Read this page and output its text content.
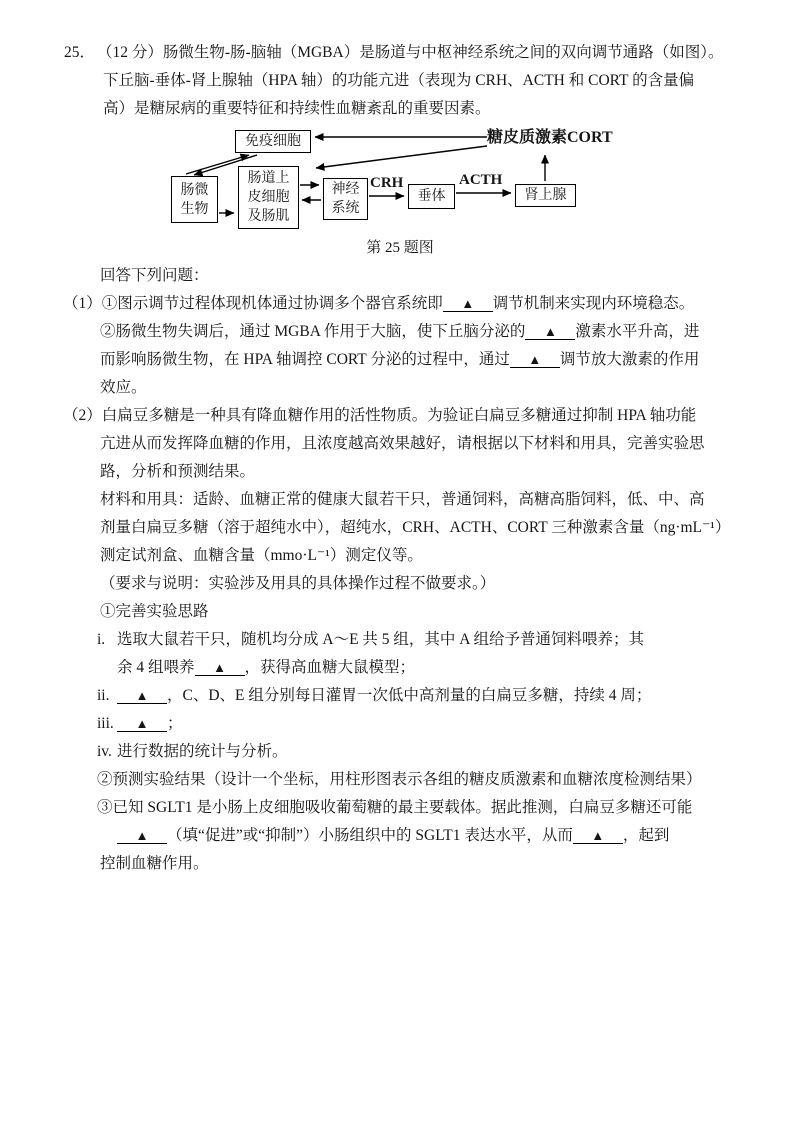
25． （12 分）肠微生物-肠-脑轴（MGBA）是肠道与中枢神经系统之间的双向调节通路（如图）。
下丘脑-垂体-肾上腺轴（HPA 轴）的功能亢进（表现为 CRH、ACTH 和 CORT 的含量偏
高）是糖尿病的重要特征和持续性血糖紊乱的重要因素。
免疫细胞
肠微
生物
肠道上
皮细胞
及肠肌
神经
系统
垂体	肾上腺
CRH	ACTH
糖皮质激素CORT
第 25 题图
回答下列问题：
（1）①图示调节过程体现机体通过协调多个器官系统即 ▲ 调节机制来实现内环境稳态。
②肠微生物失调后，通过 MGBA 作用于大脑，使下丘脑分泌的 ▲ 激素水平升高，进
而影响肠微生物，在 HPA 轴调控 CORT 分泌的过程中，通过 ▲ 调节放大激素的作用
效应。
（2）白扁豆多糖是一种具有降血糖作用的活性物质。为验证白扁豆多糖通过抑制 HPA 轴功能
亢进从而发挥降血糖的作用，且浓度越高效果越好，请根据以下材料和用具，完善实验思
路，分析和预测结果。
材料和用具：适龄、血糖正常的健康大鼠若干只，普通饲料，高糖高脂饲料，低、中、高
剂量白扁豆多糖（溶于超纯水中），超纯水，CRH、ACTH、CORT 三种激素含量（ng·mL⁻¹）
测定试剂盒、血糖含量（mmo·L⁻¹）测定仪等。
（要求与说明：实验涉及用具的具体操作过程不做要求。）
①完善实验思路
i. 选取大鼠若干只，随机均分成 A～E 共 5 组，其中 A 组给予普通饲料喂养；其
余 4 组喂养 ▲ ，获得高血糖大鼠模型；
ii. ▲ ，C、D、E 组分别每日灌胃一次低中高剂量的白扁豆多糖，持续 4 周；
iii. ▲ ；
iv. 进行数据的统计与分析。
②预测实验结果（设计一个坐标，用柱形图表示各组的糖皮质激素和血糖浓度检测结果）
③已知 SGLT1 是小肠上皮细胞吸收葡萄糖的最主要载体。据此推测，白扁豆多糖还可能
▲ （填“促进”或“抑制”）小肠组织中的 SGLT1 表达水平，从而 ▲ ，起到
控制血糖作用。
